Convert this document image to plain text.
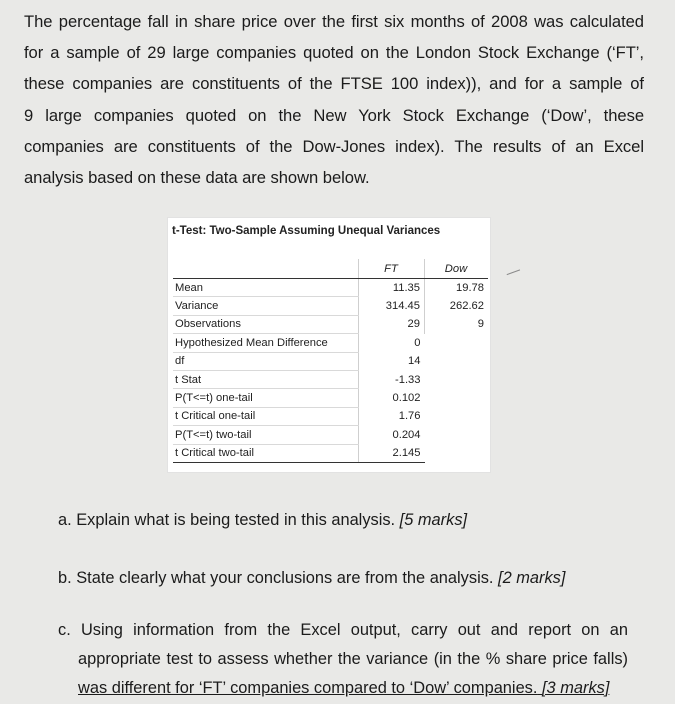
The percentage fall in share price over the first six months of 2008 was calculated
for a sample of 29 large companies quoted on the London Stock Exchange (‘FT’,
these companies are constituents of the FTSE 100 index)), and for a sample of
9 large companies quoted on the New York Stock Exchange (‘Dow’, these
companies are constituents of the Dow-Jones index). The results of an Excel
analysis based on these data are shown below.
t-Test: Two-Sample Assuming Unequal Variances
	FT	Dow
Mean	11.35	19.78
Variance	314.45	262.62
Observations	29	9
Hypothesized Mean Difference	0	
df	14	
t Stat	-1.33	
P(T<=t) one-tail	0.102	
t Critical one-tail	1.76	
P(T<=t) two-tail	0.204	
t Critical two-tail	2.145	
a. Explain what is being tested in this analysis. [5 marks]
b. State clearly what your conclusions are from the analysis. [2 marks]
c. Using information from the Excel output, carry out and report on an
appropriate test to assess whether the variance (in the % share price falls)
was different for ‘FT’ companies compared to ‘Dow’ companies. [3 marks]
